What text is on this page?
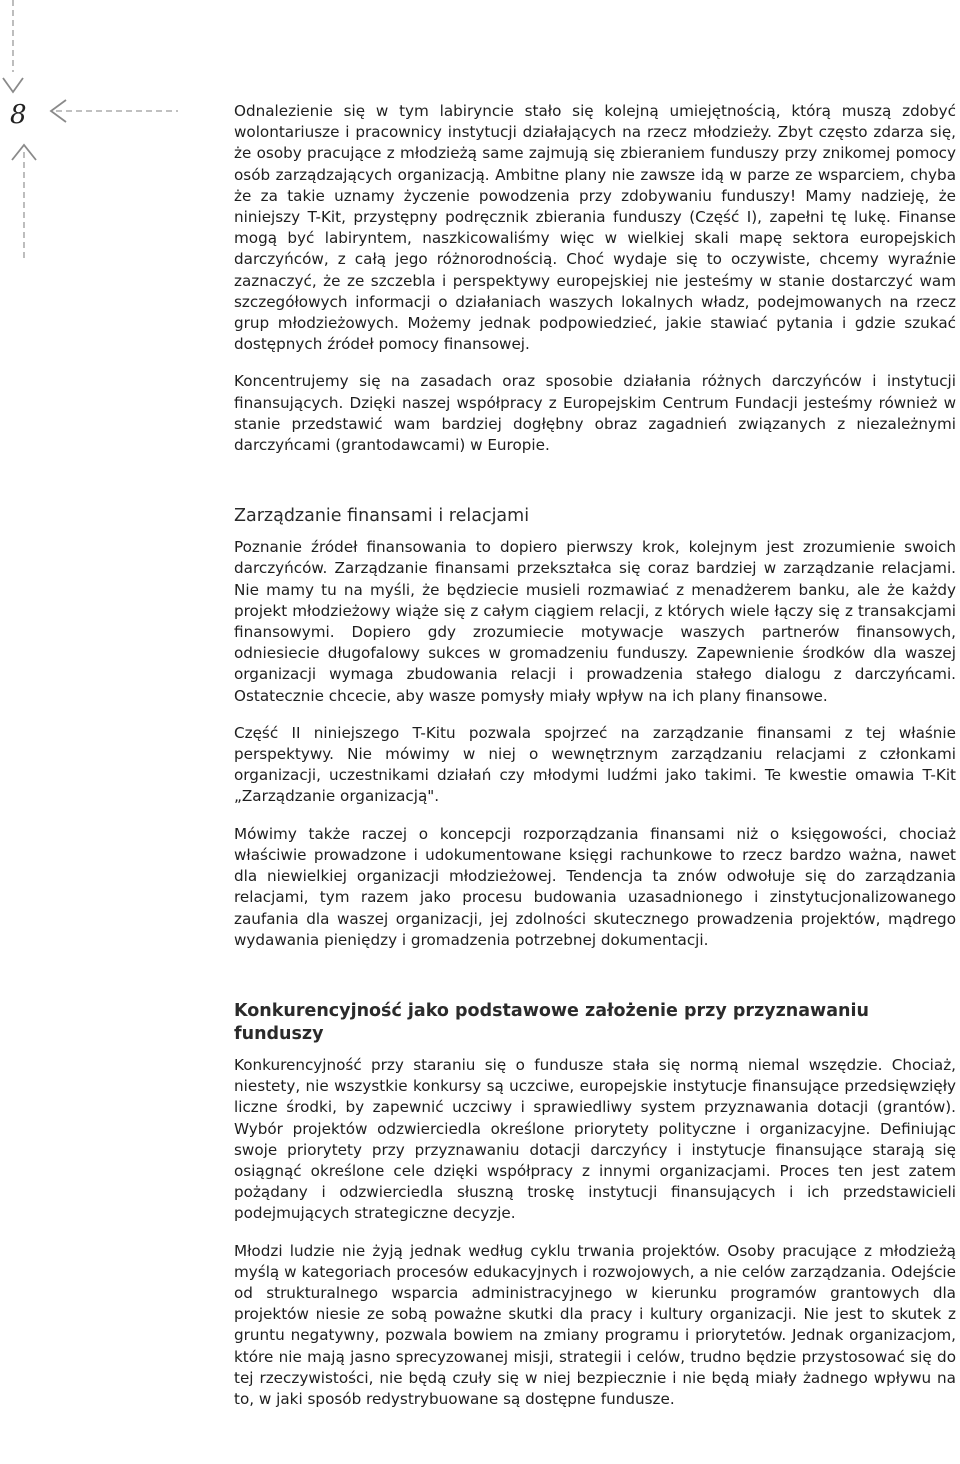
8	Odnalezienie się w tym labiryncie stało się kolejną umiejętnością, którą muszą zdobyć wolontariusze i pracownicy instytucji działających na rzecz młodzieży. Zbyt często zdarza się, że osoby pracujące z młodzieżą same zajmują się zbieraniem funduszy przy znikomej pomocy osób zarządzających organizacją. Ambitne plany nie zawsze idą w parze ze wsparciem, chyba że za takie uznamy życzenie powodzenia przy zdobywaniu funduszy! Mamy nadzieję, że niniejszy T-Kit, przystępny podręcznik zbierania funduszy (Część I), zapełni tę lukę. Finanse mogą być labiryntem, naszkicowaliśmy więc w wielkiej skali mapę sektora europejskich darczyńców, z całą jego różnorodnością. Choć wydaje się to oczywiste, chcemy wyraźnie zaznaczyć, że ze szczebla i perspektywy europejskiej nie jesteśmy w stanie dostarczyć wam szczegółowych informacji o działaniach waszych lokalnych władz, podejmowanych na rzecz grup młodzieżowych. Możemy jednak podpowiedzieć, jakie stawiać pytania i gdzie szukać dostępnych źródeł pomocy finansowej.

Koncentrujemy się na zasadach oraz sposobie działania różnych darczyńców i instytucji finansujących. Dzięki naszej współpracy z Europejskim Centrum Fundacji jesteśmy również w stanie przedstawić wam bardziej dogłębny obraz zagadnień związanych z niezależnymi darczyńcami (grantodawcami) w Europie.

Zarządzanie finansami i relacjami

Poznanie źródeł finansowania to dopiero pierwszy krok, kolejnym jest zrozumienie swoich darczyńców. Zarządzanie finansami przekształca się coraz bardziej w zarządzanie relacjami. Nie mamy tu na myśli, że będziecie musieli rozmawiać z menadżerem banku, ale że każdy projekt młodzieżowy wiąże się z całym ciągiem relacji, z których wiele łączy się z transakcjami finansowymi. Dopiero gdy zrozumiecie motywacje waszych partnerów finansowych, odniesiecie długofalowy sukces w gromadzeniu funduszy. Zapewnienie środków dla waszej organizacji wymaga zbudowania relacji i prowadzenia stałego dialogu z darczyńcami. Ostatecznie chcecie, aby wasze pomysły miały wpływ na ich plany finansowe.

Część II niniejszego T-Kitu pozwala spojrzeć na zarządzanie finansami z tej właśnie perspektywy. Nie mówimy w niej o wewnętrznym zarządzaniu relacjami z członkami organizacji, uczestnikami działań czy młodymi ludźmi jako takimi. Te kwestie omawia T-Kit „Zarządzanie organizacją".

Mówimy także raczej o koncepcji rozporządzania finansami niż o księgowości, chociaż właściwie prowadzone i udokumentowane księgi rachunkowe to rzecz bardzo ważna, nawet dla niewielkiej organizacji młodzieżowej. Tendencja ta znów odwołuje się do zarządzania relacjami, tym razem jako procesu budowania uzasadnionego i zinstytucjonalizowanego zaufania dla waszej organizacji, jej zdolności skutecznego prowadzenia projektów, mądrego wydawania pieniędzy i gromadzenia potrzebnej dokumentacji.

Konkurencyjność jako podstawowe założenie przy przyznawaniu funduszy

Konkurencyjność przy staraniu się o fundusze stała się normą niemal wszędzie. Chociaż, niestety, nie wszystkie konkursy są uczciwe, europejskie instytucje finansujące przedsięwzięły liczne środki, by zapewnić uczciwy i sprawiedliwy system przyznawania dotacji (grantów). Wybór projektów odzwierciedla określone priorytety polityczne i organizacyjne. Definiując swoje priorytety przy przyznawaniu dotacji darczyńcy i instytucje finansujące starają się osiągnąć określone cele dzięki współpracy z innymi organizacjami. Proces ten jest zatem pożądany i odzwierciedla słuszną troskę instytucji finansujących i ich przedstawicieli podejmujących strategiczne decyzje.

Młodzi ludzie nie żyją jednak według cyklu trwania projektów. Osoby pracujące z młodzieżą myślą w kategoriach procesów edukacyjnych i rozwojowych, a nie celów zarządzania. Odejście od strukturalnego wsparcia administracyjnego w kierunku programów grantowych dla projektów niesie ze sobą poważne skutki dla pracy i kultury organizacji. Nie jest to skutek z gruntu negatywny, pozwala bowiem na zmiany programu i priorytetów. Jednak organizacjom, które nie mają jasno sprecyzowanej misji, strategii i celów, trudno będzie przystosować się do tej rzeczywistości, nie będą czuły się w niej bezpiecznie i nie będą miały żadnego wpływu na to, w jaki sposób redystrybuowane są dostępne fundusze.
